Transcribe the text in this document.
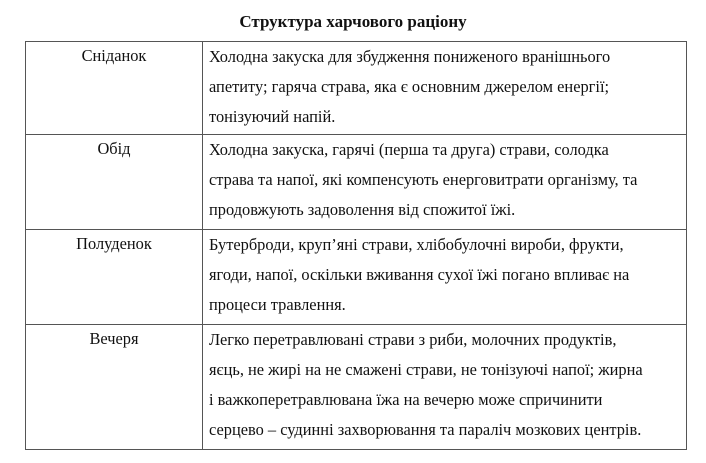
Структура харчового раціону
Сніданок	Холодна закуска для збудження пониженого вранішнього
апетиту; гаряча страва, яка є основним джерелом енергії;
тонізуючий напій.

Обід	Холодна закуска, гарячі (перша та друга) страви, солодка
страва та напої, які компенсують енерговитрати організму, та
продовжують задоволення від спожитої їжі.

Полуденок	Бутерброди, круп’яні страви, хлібобулочні вироби, фрукти,
ягоди, напої, оскільки вживання сухої їжі погано впливає на
процеси травлення.

Вечеря	Легко перетравлювані страви з риби, молочних продуктів,
яєць, не жирі на не смажені страви, не тонізуючі напої; жирна
і важкоперетравлювана їжа на вечерю може спричинити
серцево – судинні захворювання та параліч мозкових центрів.
